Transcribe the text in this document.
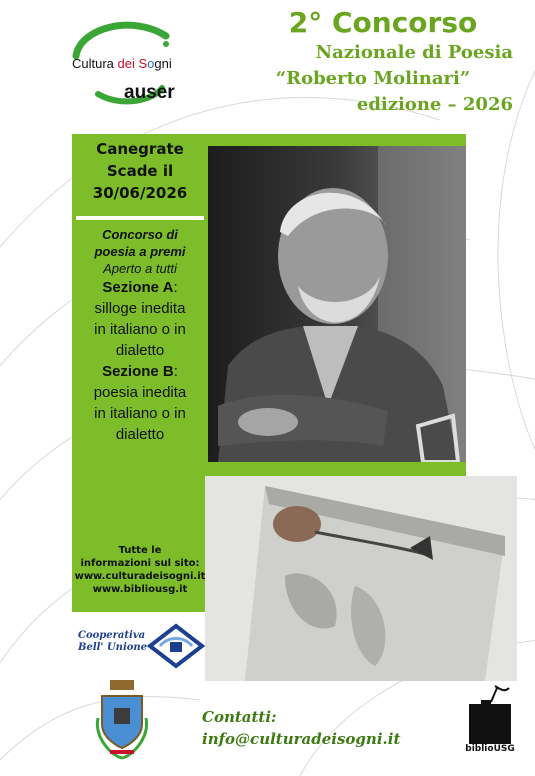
Cultura dei Sogni
auser
2° Concorso
Nazionale di Poesia
“Roberto Molinari”
edizione – 2026
Canegrate
Scade il
30/06/2026
Concorso di
poesia a premi
Aperto a tutti
Sezione A:
silloge inedita
in italiano o in
dialetto
Sezione B:
poesia inedita
in italiano o in
dialetto
Tutte le
informazioni sul sito:
www.culturadeisogni.it
www.bibliousg.it
Cooperativa
Bell' Unione
Contatti:
info@culturadeisogni.it
biblioUSG
